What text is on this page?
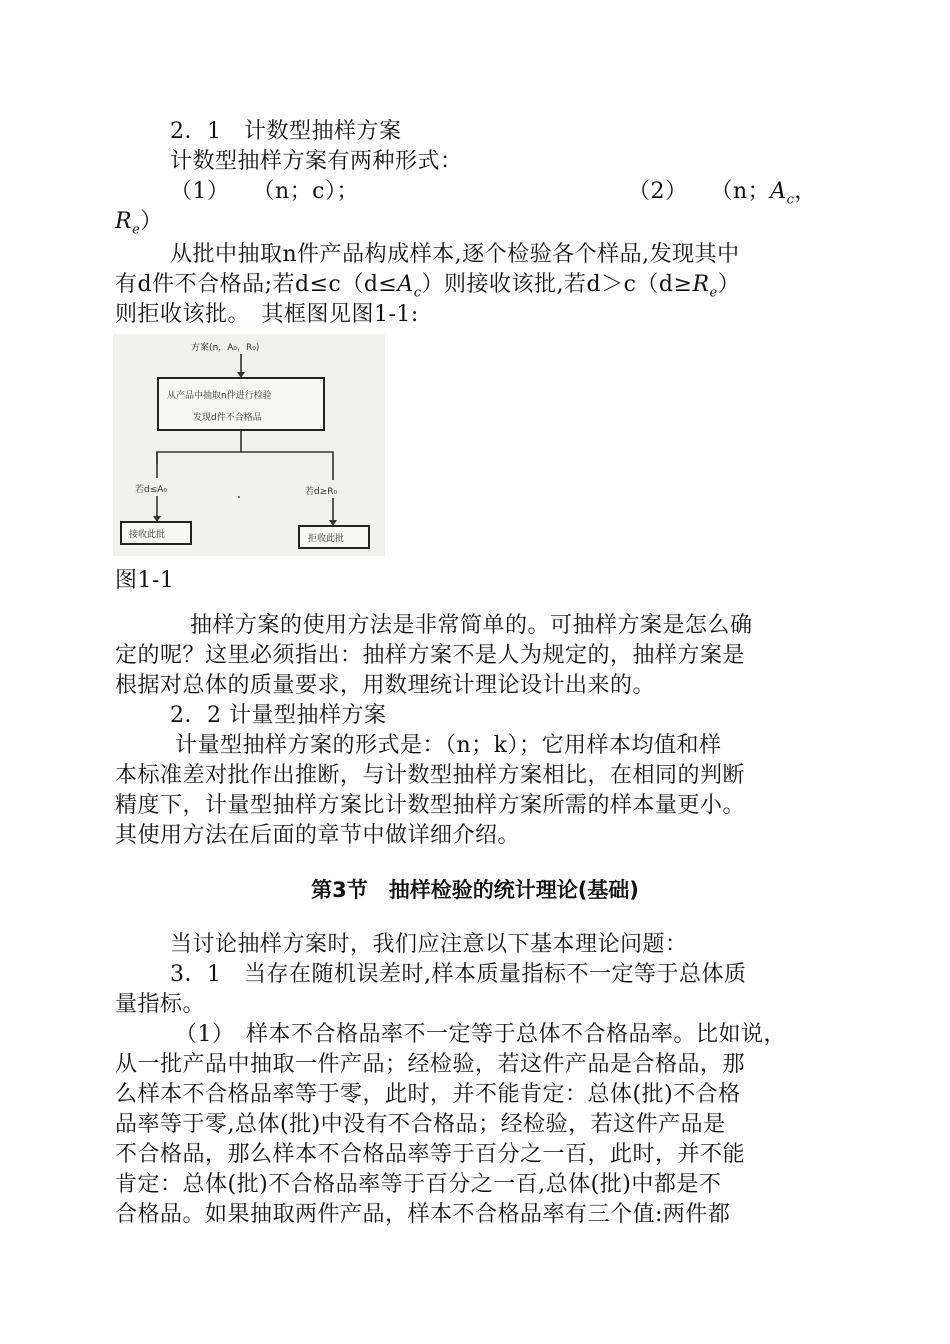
2．1　计数型抽样方案
计数型抽样方案有两种形式：
（1）　　（n；c）；	（2）　　（n；$A_c$，
$R_e$）
从批中抽取n件产品构成样本,逐个检验各个样品,发现其中
有d件不合格品;若$d\le c(d\le A_c)$则接收该批,若$d>c(d\ge R_e)$
则拒收该批。　其框图见图1-1:
方案(n，A₀，R₀)
从产品中抽取n件进行检验
发现d件不合格品
若d≤A₀	若d≥R₀
接收此批	拒收此批
图1-1
抽样方案的使用方法是非常简单的。可抽样方案是怎么确
定的呢？这里必须指出：抽样方案不是人为规定的，抽样方案是
根据对总体的质量要求，用数理统计理论设计出来的。
2．2 计量型抽样方案
计量型抽样方案的形式是：（n；k）；它用样本均值和样
本标准差对批作出推断，与计数型抽样方案相比，在相同的判断
精度下，计量型抽样方案比计数型抽样方案所需的样本量更小。
其使用方法在后面的章节中做详细介绍。
第3节　抽样检验的统计理论(基础)
当讨论抽样方案时，我们应注意以下基本理论问题：
3．1　当存在随机误差时,样本质量指标不一定等于总体质
量指标。
（1）　样本不合格品率不一定等于总体不合格品率。比如说，
从一批产品中抽取一件产品；经检验，若这件产品是合格品，那
么样本不合格品率等于零，此时，并不能肯定：总体(批)不合格
品率等于零,总体(批)中没有不合格品；经检验，若这件产品是
不合格品，那么样本不合格品率等于百分之一百，此时，并不能
肯定：总体(批)不合格品率等于百分之一百,总体(批)中都是不
合格品。如果抽取两件产品，样本不合格品率有三个值:两件都
